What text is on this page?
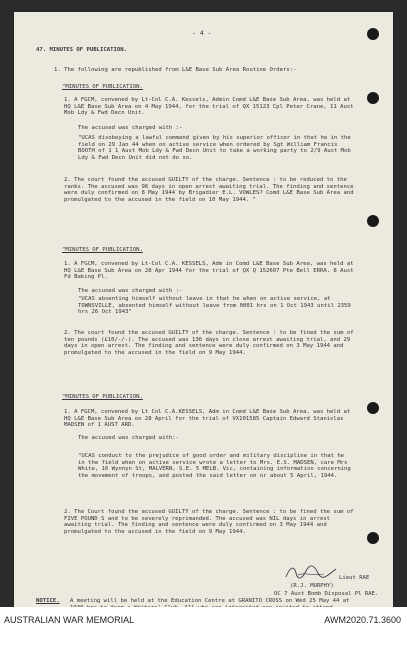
- 4 -
47. MINUTES OF PUBLICATION.
1. The following are republished from L&E Base Sub Area Routine Orders:-
"MINUTES OF PUBLICATION.
1. A FGCM, convened by Lt-Col C.A. Kessels, Admin Comd L&E Base Sub Area, was held at HQ L&E Base Sub Area on 4 May 1944, for the trial of QX 15123 Cpl Peter Crane, 11 Aust Mob Ldy & Fwd Decn Unit.
The accused was charged with :-
"UCAS disobeying a lawful command given by his superior officer in that he in the field on 29 Jan 44 when on active service when ordered by Sgt William Francis BOOTH of 1 1 Aust Mob Ldy & Fwd Decn Unit to take a working party to 2/9 Aust Mob Ldy & Fwd Decn Unit did not do so.
2. The court found the accused GUILTY of the charge. Sentence : to be reduced to the ranks. The accused was 96 days in open arrest awaiting trial. The finding and sentence were duly confirmed on 8 May 1944 by Brigadier E.L. VOWLES? Comd L&E Base Sub Area and promulgated to the accused in the field on 10 May 1944. "
"MINUTES OF PUBLICATION.
1. A FGCM, convened by Lt-Col C.A. KESSELS, Adm in Comd L&E Base Sub Area, was held at HQ L&E Base Sub Area on 28 Apr 1944 for the trial of QX Q 152607 Pte Bell ERRA, 8 Aust Fd Baking Pl.
The accused was charged with :-
"UCAS absenting himself without leave in that he when on active service, at TOWNSVILLE, absented himself without leave from 0001 hrs on 1 Oct 1943 until 2359 hrs 26 Oct 1943"
2. The court found the accused GUILTY of the charge. Sentence : to be fined the sum of ten pounds (£10/-/-). The accused was 136 days in close arrest awaiting trial, and 29 days in open arrest. The finding and sentence were duly confirmed on 3 May 1944 and promulgated to the accused in the field on 9 May 1944.
"MINUTES OF PUBLICATION.
1. A FGCM, convened by Lt Col C.A.KESSELS, Adm in Comd L&E Base Sub Area, was held at HQ L&E Base Sub Area on 28 April for the trial of VX101585 Captain Edward Stanislas MADSEN of 1 AUST ARD.
The accused was charged with:-
"UCAS conduct to the prejudice of good order and military discipline in that he in the field when on active service wrote a letter to Mrs. E.S. MADSEN, care Mrs White, 16 Wynnyn St, MALVERN, S.E. 5 MELB. Vic, containing information concerning the movement of troops, and posted the said letter on or about 5 April, 1944.
2. The Court found the accused GUILTY of the charge. Sentence : to be fined the sum of FIVE POUND S and to be severely reprimanded. The accused was NIL days in arrest awaiting trial. The finding and sentence were duly confirmed on 3 May 1944 and promulgated to the accused in the field on 9 May 1944.
Lieut RAE
(R.J. MURPHY)
OC 7 Aust Bomb Disposal Pl RAE.
NOTICE. A meeting will be held at the Education Centre at GRANITO CROSS on Wed 25 May 44 at
AUSTRALIAN WAR MEMORIAL	AWM2020.71.3600
